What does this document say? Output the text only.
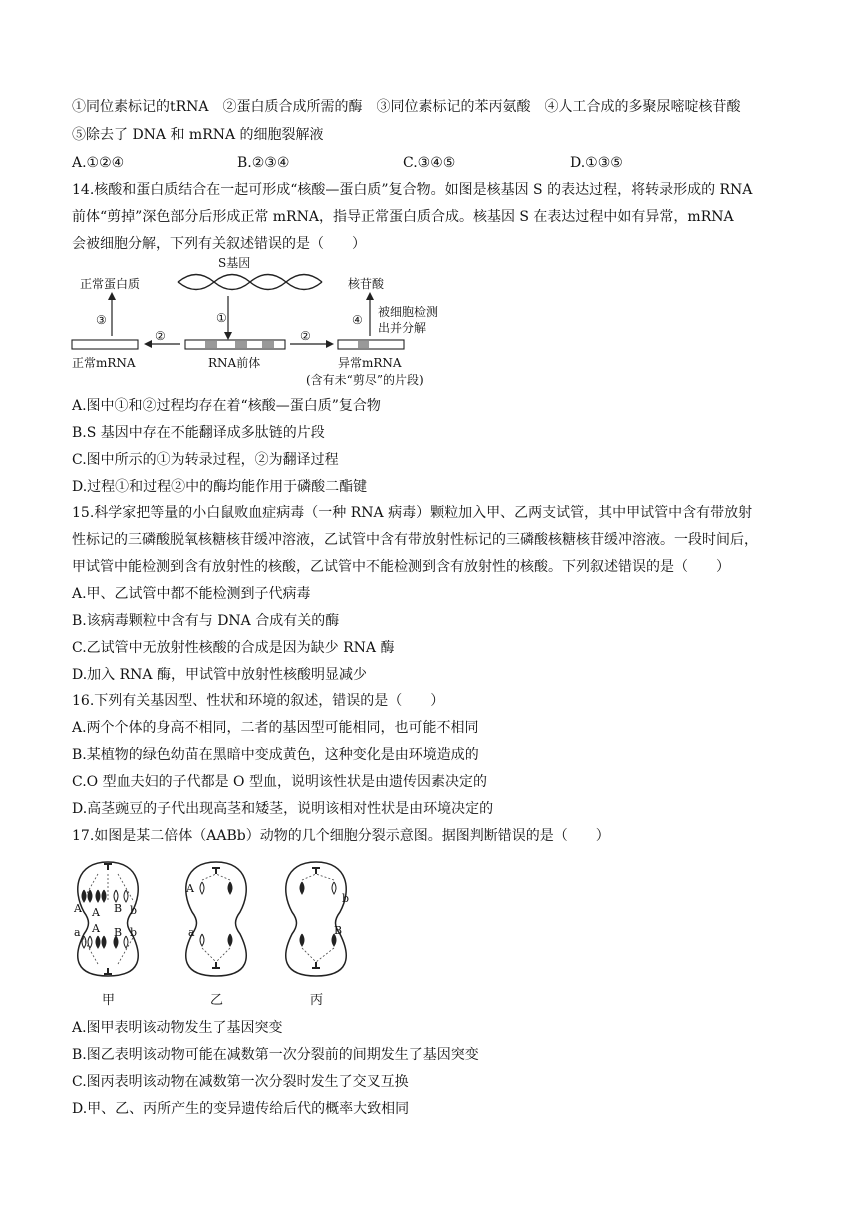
①同位素标记的tRNA　②蛋白质合成所需的酶　③同位素标记的苯丙氨酸　④人工合成的多聚尿嘧啶核苷酸
⑤除去了 DNA 和 mRNA 的细胞裂解液
A.①②④	B.②③④	C.③④⑤	D.①③⑤
14.核酸和蛋白质结合在一起可形成“核酸—蛋白质”复合物。如图是核基因 S 的表达过程，将转录形成的 RNA
前体“剪掉”深色部分后形成正常 mRNA，指导正常蛋白质合成。核基因 S 在表达过程中如有异常，mRNA
会被细胞分解，下列有关叙述错误的是（　　）
S基因
①
RNA前体
②
正常mRNA
③
正常蛋白质
②
异常mRNA
(含有未“剪尽”的片段)
④
核苷酸
被细胞检测
出并分解
A.图中①和②过程均存在着“核酸—蛋白质”复合物
B.S 基因中存在不能翻译成多肽链的片段
C.图中所示的①为转录过程，②为翻译过程
D.过程①和过程②中的酶均能作用于磷酸二酯键
15.科学家把等量的小白鼠败血症病毒（一种 RNA 病毒）颗粒加入甲、乙两支试管，其中甲试管中含有带放射
性标记的三磷酸脱氧核糖核苷缓冲溶液，乙试管中含有带放射性标记的三磷酸核糖核苷缓冲溶液。一段时间后，
甲试管中能检测到含有放射性的核酸，乙试管中不能检测到含有放射性的核酸。下列叙述错误的是（　　）
A.甲、乙试管中都不能检测到子代病毒
B.该病毒颗粒中含有与 DNA 合成有关的酶
C.乙试管中无放射性核酸的合成是因为缺少 RNA 酶
D.加入 RNA 酶，甲试管中放射性核酸明显减少
16.下列有关基因型、性状和环境的叙述，错误的是（　　）
A.两个个体的身高不相同，二者的基因型可能相同，也可能不相同
B.某植物的绿色幼苗在黑暗中变成黄色，这种变化是由环境造成的
C.O 型血夫妇的子代都是 O 型血，说明该性状是由遗传因素决定的
D.高茎豌豆的子代出现高茎和矮茎，说明该相对性状是由环境决定的
17.如图是某二倍体（AABb）动物的几个细胞分裂示意图。据图判断错误的是（　　）
A A B b
a A B b
甲
A
a
乙
b
B
丙
A.图甲表明该动物发生了基因突变
B.图乙表明该动物可能在减数第一次分裂前的间期发生了基因突变
C.图丙表明该动物在减数第一次分裂时发生了交叉互换
D.甲、乙、丙所产生的变异遗传给后代的概率大致相同
